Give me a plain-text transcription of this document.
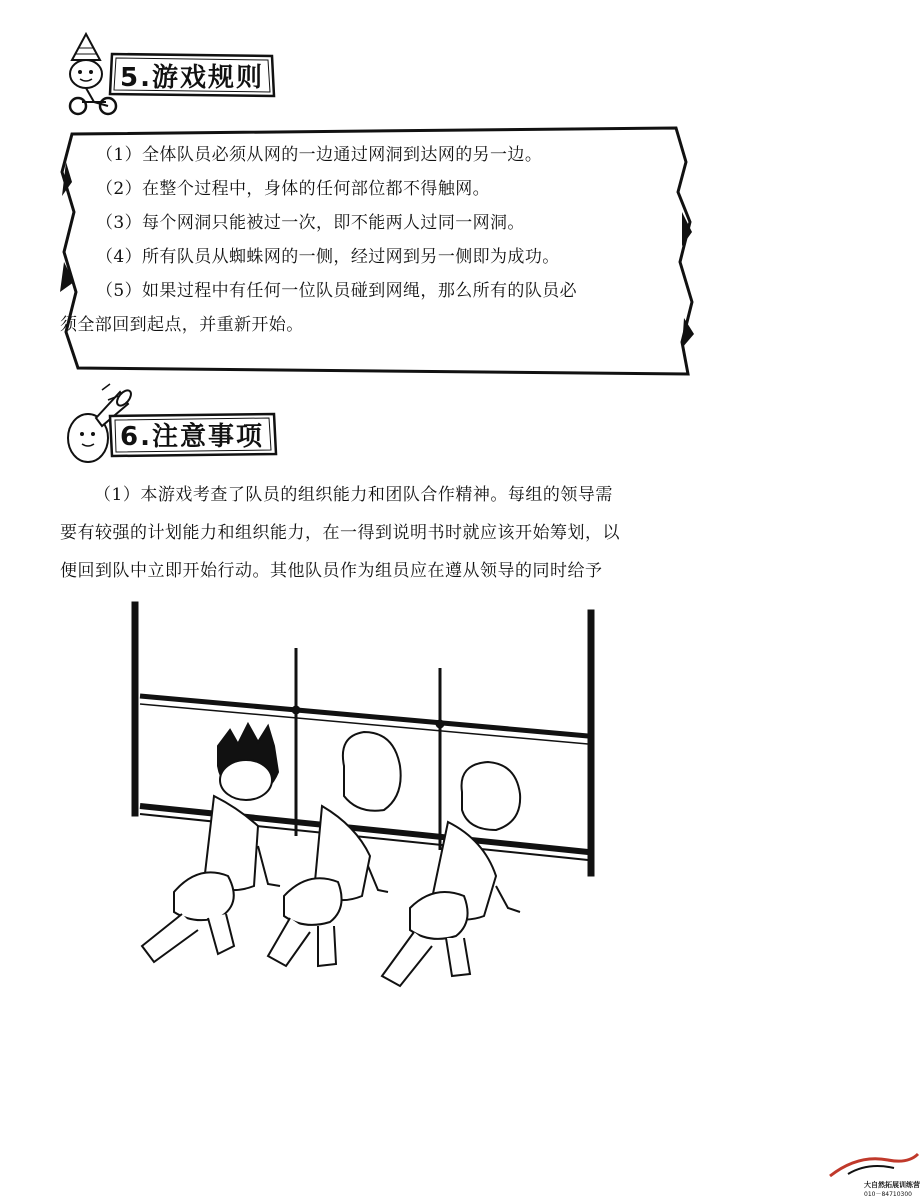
5.游戏规则
（1）全体队员必须从网的一边通过网洞到达网的另一边。
（2）在整个过程中，身体的任何部位都不得触网。
（3）每个网洞只能被过一次，即不能两人过同一网洞。
（4）所有队员从蜘蛛网的一侧，经过网到另一侧即为成功。
（5）如果过程中有任何一位队员碰到网绳，那么所有的队员必
须全部回到起点，并重新开始。
6.注意事项

（1）本游戏考查了队员的组织能力和团队合作精神。每组的领导需
要有较强的计划能力和组织能力，在一得到说明书时就应该开始筹划，以
便回到队中立即开始行动。其他队员作为组员应在遵从领导的同时给予

大自然拓展训练营
010－84710300
